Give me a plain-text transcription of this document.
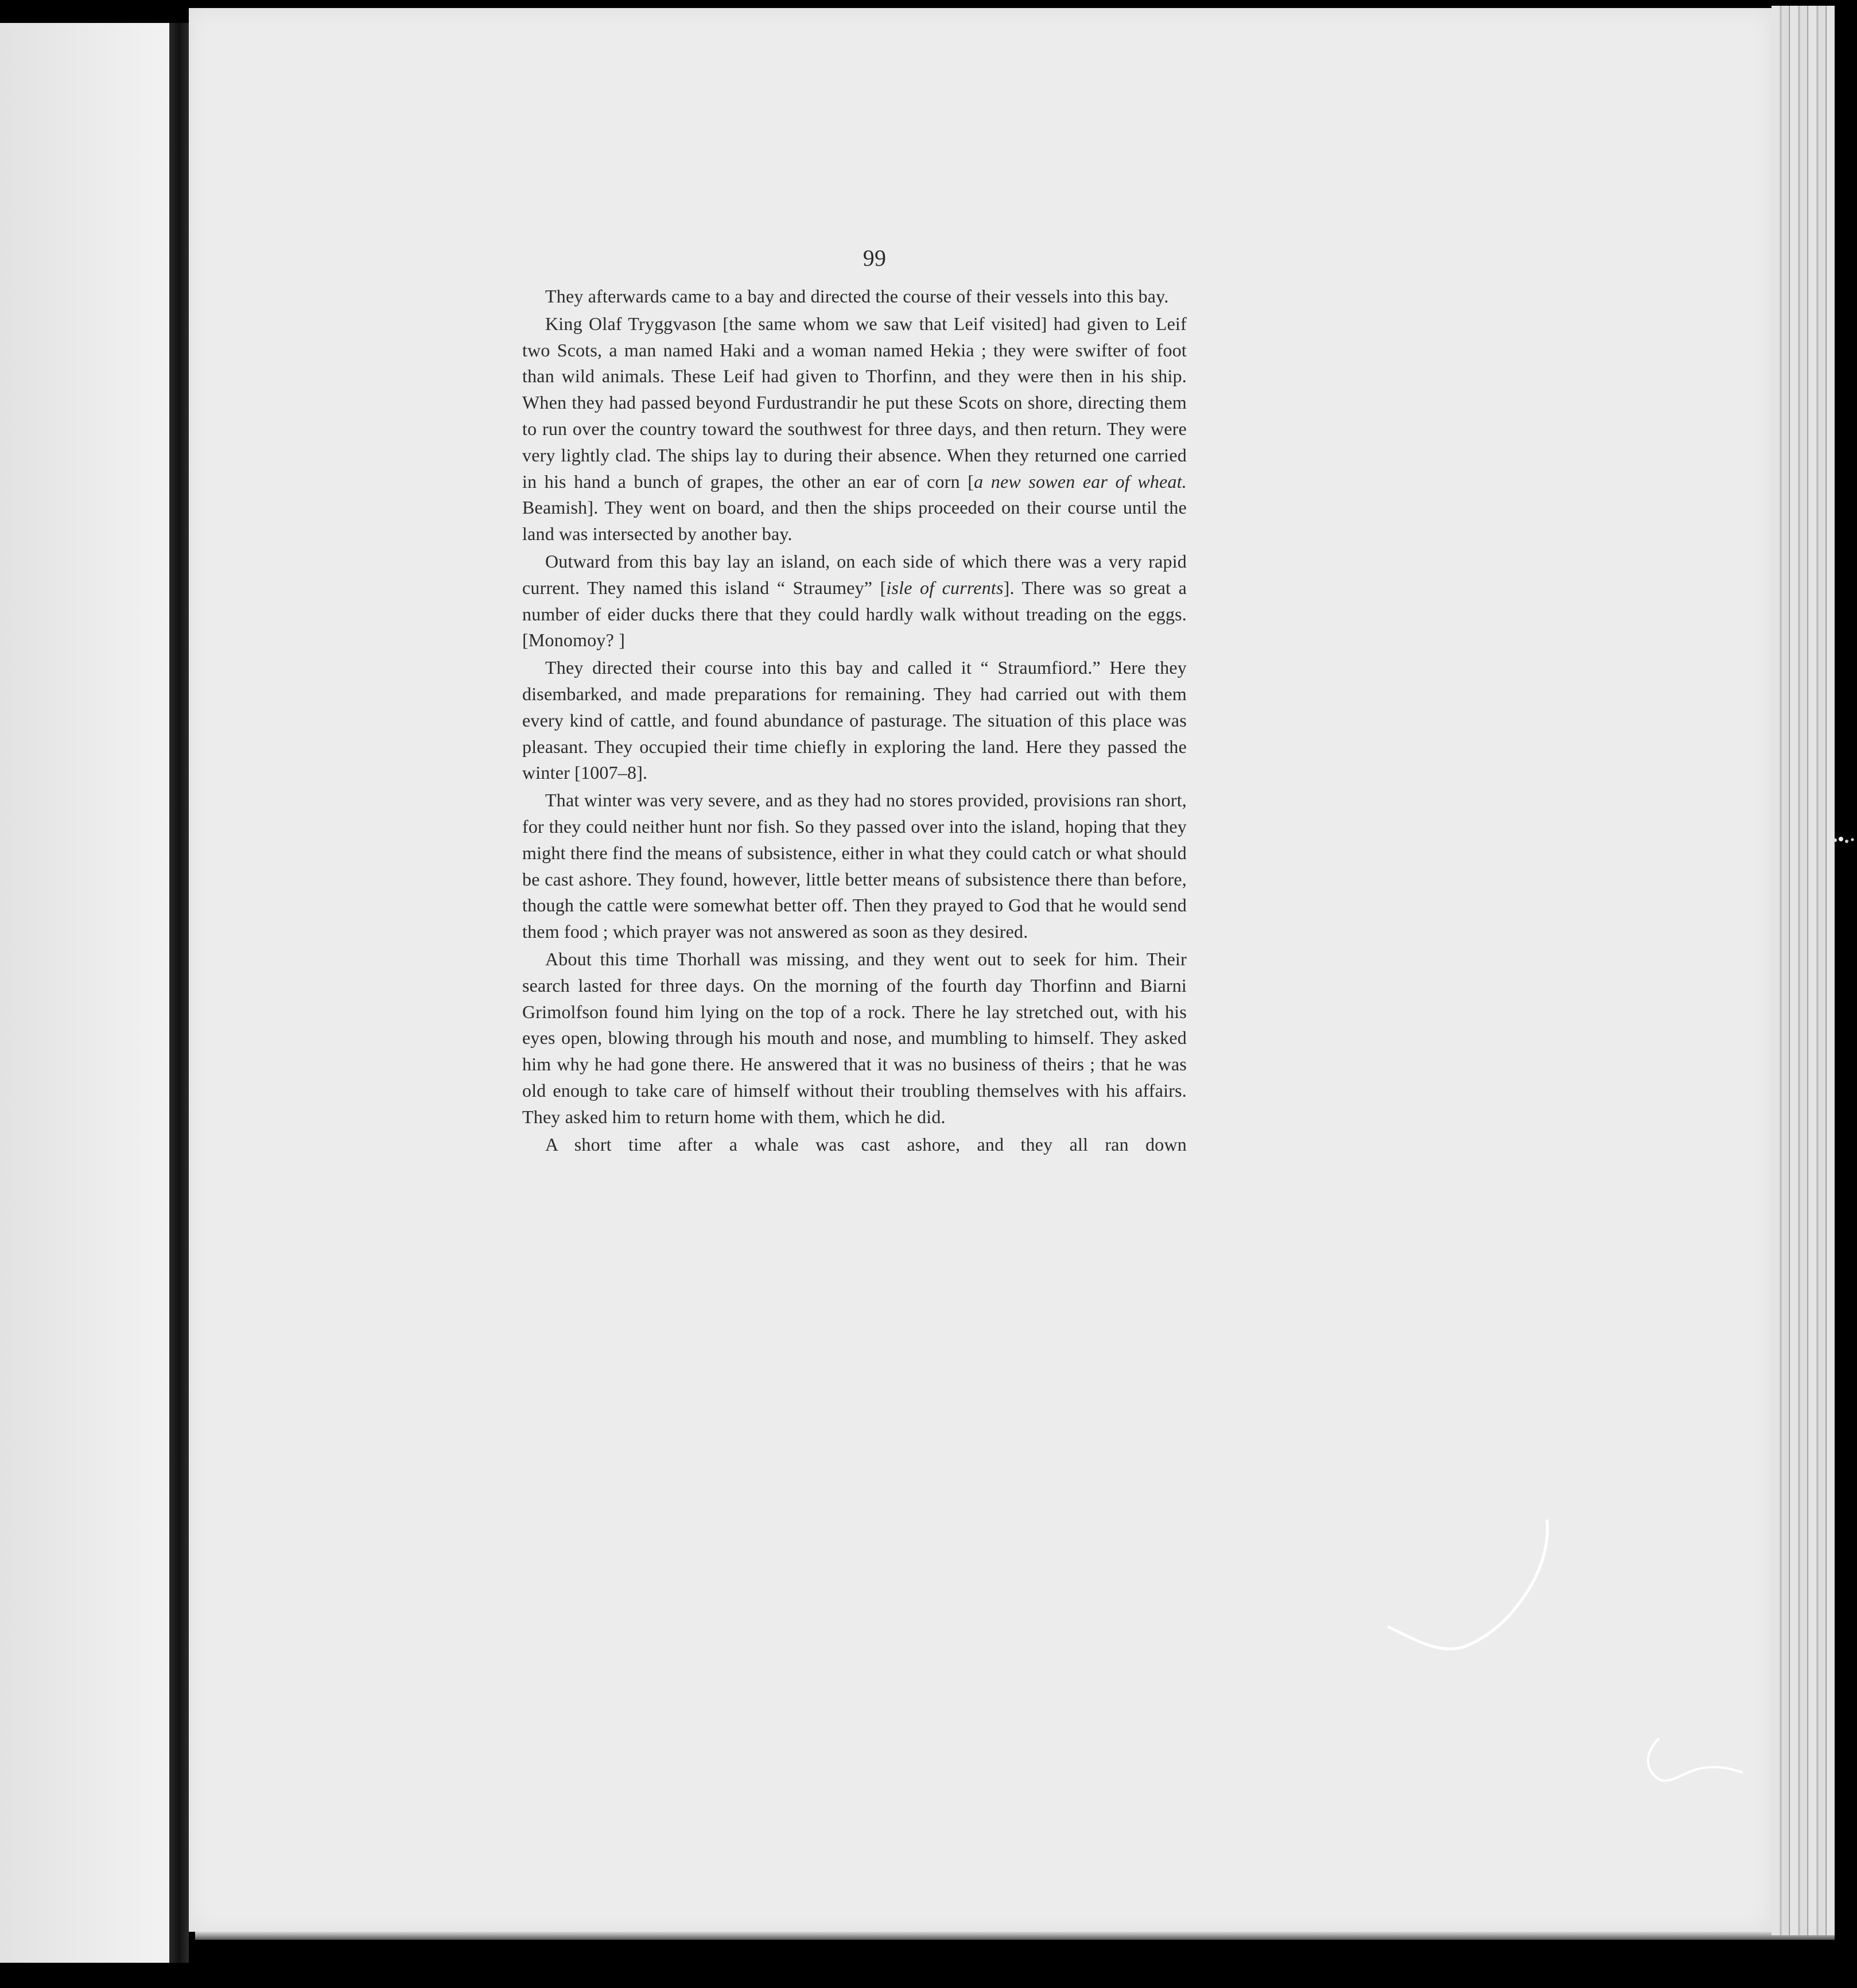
99

They afterwards came to a bay and directed the course of their vessels into this bay.

King Olaf Tryggvason [the same whom we saw that Leif visited] had given to Leif two Scots, a man named Haki and a woman named Hekia ; they were swifter of foot than wild animals. These Leif had given to Thorfinn, and they were then in his ship. When they had passed beyond Furdustrandir he put these Scots on shore, directing them to run over the country toward the southwest for three days, and then return. They were very lightly clad. The ships lay to during their absence. When they returned one carried in his hand a bunch of grapes, the other an ear of corn [a new sowen ear of wheat. Beamish]. They went on board, and then the ships proceeded on their course until the land was intersected by another bay.

Outward from this bay lay an island, on each side of which there was a very rapid current. They named this island “ Straumey” [isle of currents]. There was so great a number of eider ducks there that they could hardly walk without treading on the eggs. [Monomoy? ]

They directed their course into this bay and called it “ Straumfiord.” Here they disembarked, and made preparations for remaining. They had carried out with them every kind of cattle, and found abundance of pasturage. The situation of this place was pleasant. They occupied their time chiefly in exploring the land. Here they passed the winter [1007–8].

That winter was very severe, and as they had no stores provided, provisions ran short, for they could neither hunt nor fish. So they passed over into the island, hoping that they might there find the means of subsistence, either in what they could catch or what should be cast ashore. They found, however, little better means of subsistence there than before, though the cattle were somewhat better off. Then they prayed to God that he would send them food ; which prayer was not answered as soon as they desired.

About this time Thorhall was missing, and they went out to seek for him. Their search lasted for three days. On the morning of the fourth day Thorfinn and Biarni Grimolfson found him lying on the top of a rock. There he lay stretched out, with his eyes open, blowing through his mouth and nose, and mumbling to himself. They asked him why he had gone there. He answered that it was no business of theirs ; that he was old enough to take care of himself without their troubling themselves with his affairs. They asked him to return home with them, which he did.

A short time after a whale was cast ashore, and they all ran down
